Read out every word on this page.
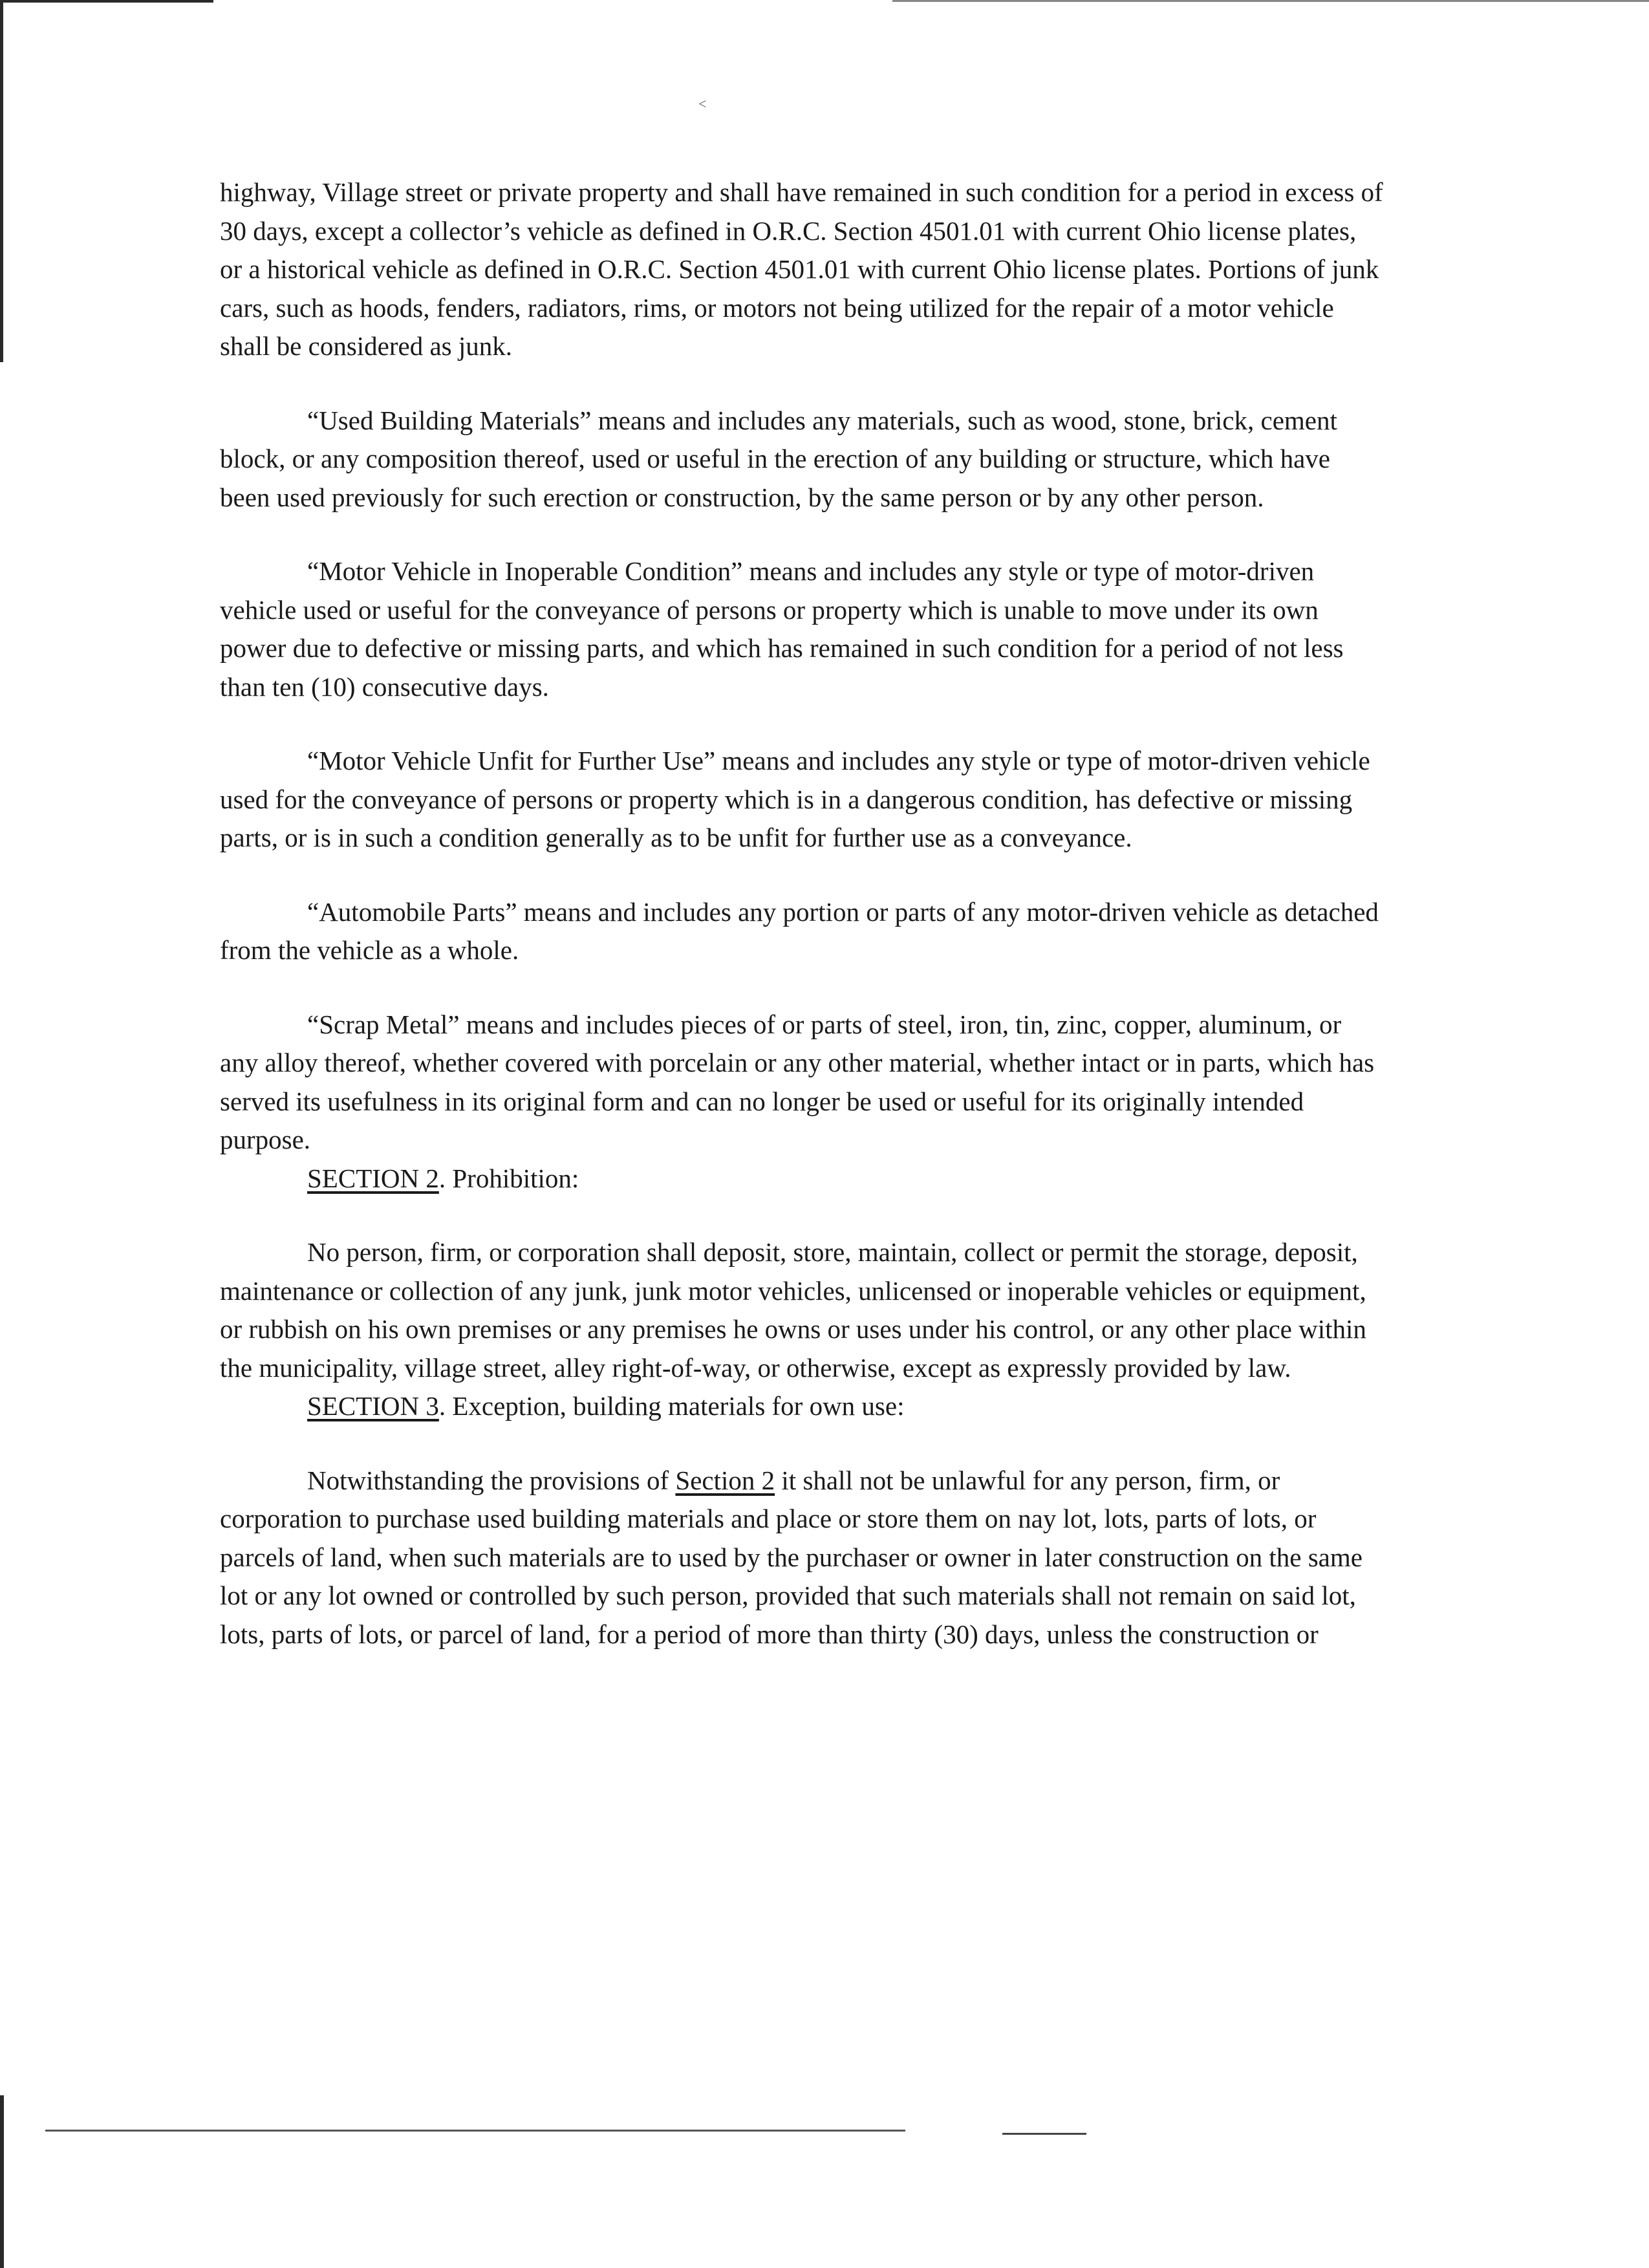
<

highway, Village street or private property and shall have remained in such condition for a period in excess of 30 days, except a collector’s vehicle as defined in O.R.C. Section 4501.01 with current Ohio license plates, or a historical vehicle as defined in O.R.C. Section 4501.01 with current Ohio license plates. Portions of junk cars, such as hoods, fenders, radiators, rims, or motors not being utilized for the repair of a motor vehicle shall be considered as junk.

“Used Building Materials” means and includes any materials, such as wood, stone, brick, cement block, or any composition thereof, used or useful in the erection of any building or structure, which have been used previously for such erection or construction, by the same person or by any other person.

“Motor Vehicle in Inoperable Condition” means and includes any style or type of motor-driven vehicle used or useful for the conveyance of persons or property which is unable to move under its own power due to defective or missing parts, and which has remained in such condition for a period of not less than ten (10) consecutive days.

“Motor Vehicle Unfit for Further Use” means and includes any style or type of motor-driven vehicle used for the conveyance of persons or property which is in a dangerous condition, has defective or missing parts, or is in such a condition generally as to be unfit for further use as a conveyance.

“Automobile Parts” means and includes any portion or parts of any motor-driven vehicle as detached from the vehicle as a whole.

“Scrap Metal” means and includes pieces of or parts of steel, iron, tin, zinc, copper, aluminum, or any alloy thereof, whether covered with porcelain or any other material, whether intact or in parts, which has served its usefulness in its original form and can no longer be used or useful for its originally intended purpose.

SECTION 2. Prohibition:

No person, firm, or corporation shall deposit, store, maintain, collect or permit the storage, deposit, maintenance or collection of any junk, junk motor vehicles, unlicensed or inoperable vehicles or equipment, or rubbish on his own premises or any premises he owns or uses under his control, or any other place within the municipality, village street, alley right-of-way, or otherwise, except as expressly provided by law.

SECTION 3. Exception, building materials for own use:

Notwithstanding the provisions of Section 2 it shall not be unlawful for any person, firm, or corporation to purchase used building materials and place or store them on nay lot, lots, parts of lots, or parcels of land, when such materials are to used by the purchaser or owner in later construction on the same lot or any lot owned or controlled by such person, provided that such materials shall not remain on said lot, lots, parts of lots, or parcel of land, for a period of more than thirty (30) days, unless the construction or
